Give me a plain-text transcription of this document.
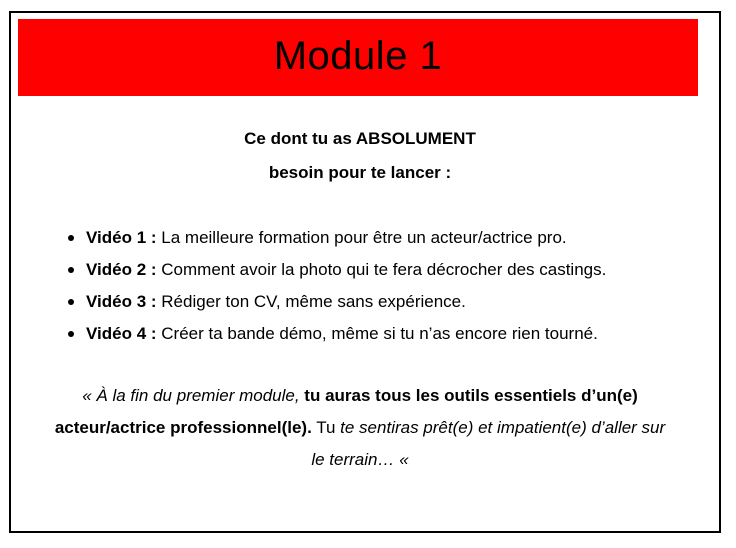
Module 1
Ce dont tu as ABSOLUMENT
besoin pour te lancer :
Vidéo 1 : La meilleure formation pour être un acteur/actrice pro.
Vidéo 2 : Comment avoir la photo qui te fera décrocher des castings.
Vidéo 3 : Rédiger ton CV, même sans expérience.
Vidéo 4 : Créer ta bande démo, même si tu n’as encore rien tourné.
« À la fin du premier module, tu auras tous les outils essentiels d’un(e)
acteur/actrice professionnel(le). Tu te sentiras prêt(e) et impatient(e) d’aller sur
le terrain… «
